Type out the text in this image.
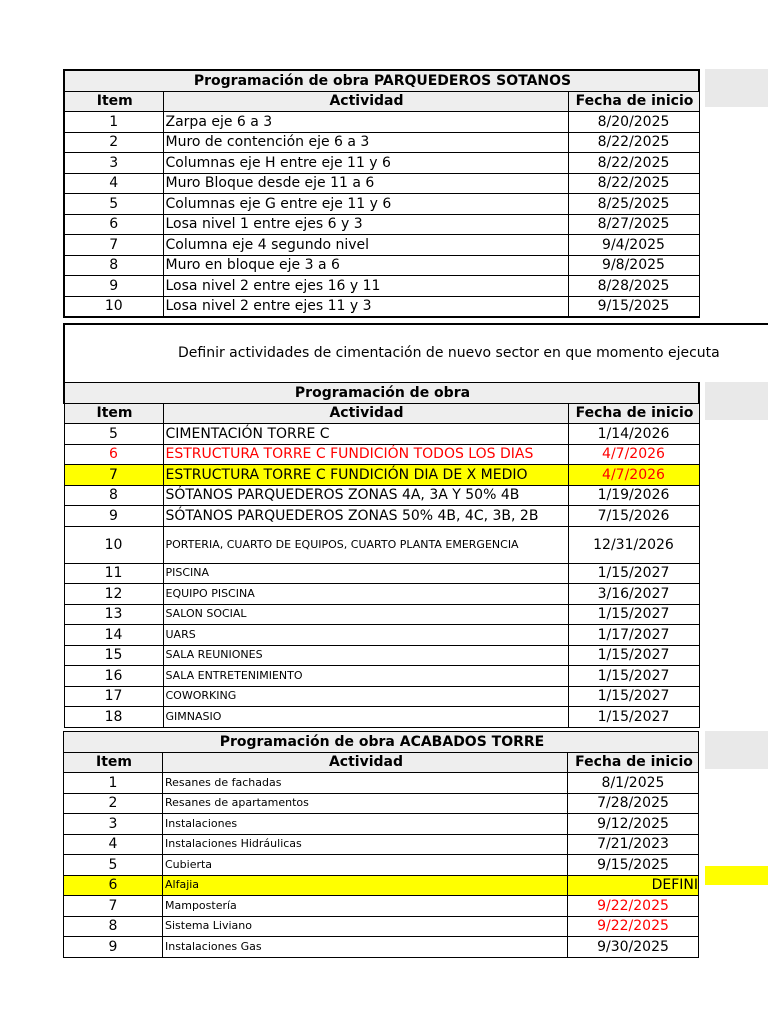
Programación de obra PARQUEDEROS SOTANOS		
Item	Actividad	Fecha de inicio
1	Zarpa eje 6 a 3	8/20/2025
2	Muro de contención eje 6 a 3	8/22/2025
3	Columnas eje H entre eje 11 y 6	8/22/2025
4	Muro Bloque desde eje 11 a 6	8/22/2025
5	Columnas eje G entre eje 11 y 6	8/25/2025
6	Losa nivel 1 entre ejes 6 y 3	8/27/2025
7	Columna eje 4 segundo nivel	9/4/2025
8	Muro en bloque eje 3 a 6	9/8/2025
9	Losa nivel 2 entre ejes 16 y 11	8/28/2025
10	Losa nivel 2 entre ejes 11 y 3	9/15/2025
Definir actividades de cimentación de nuevo sector en que momento ejecuta
Programación de obra		
Item	Actividad	Fecha de inicio
5	CIMENTACIÓN TORRE C	1/14/2026
6	ESTRUCTURA TORRE C FUNDICIÓN TODOS LOS DIAS	4/7/2026
7	ESTRUCTURA TORRE C FUNDICIÓN DIA DE X MEDIO	4/7/2026
8	SÓTANOS PARQUEDEROS ZONAS 4A, 3A Y 50% 4B	1/19/2026
9	SÓTANOS PARQUEDEROS ZONAS 50% 4B, 4C, 3B, 2B	7/15/2026
10	PORTERIA, CUARTO DE EQUIPOS, CUARTO PLANTA EMERGENCIA	12/31/2026
11	PISCINA	1/15/2027
12	EQUIPO PISCINA	3/16/2027
13	SALON SOCIAL	1/15/2027
14	UARS	1/17/2027
15	SALA REUNIONES	1/15/2027
16	SALA ENTRETENIMIENTO	1/15/2027
17	COWORKING	1/15/2027
18	GIMNASIO	1/15/2027
Programación de obra ACABADOS TORRE		
Item	Actividad	Fecha de inicio
1	Resanes de fachadas	8/1/2025
2	Resanes de apartamentos	7/28/2025
3	Instalaciones	9/12/2025
4	Instalaciones Hidráulicas	7/21/2023
5	Cubierta	9/15/2025
6	Alfajia	DEFINI
7	Mampostería	9/22/2025
8	Sistema Liviano	9/22/2025
9	Instalaciones Gas	9/30/2025
